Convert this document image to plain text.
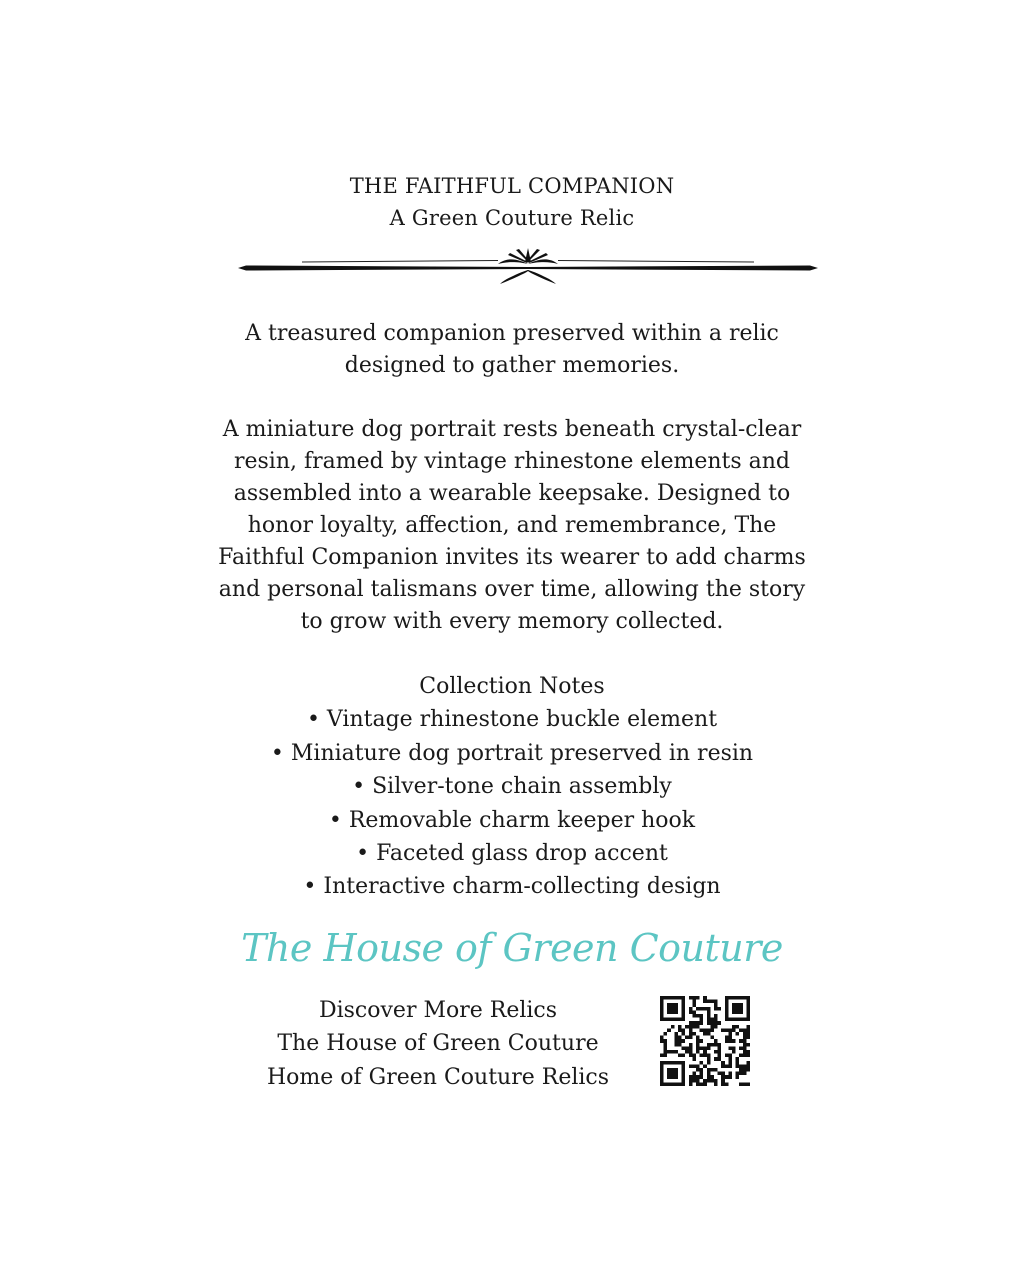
THE FAITHFUL COMPANION
A Green Couture Relic
A treasured companion preserved within a relic
designed to gather memories.
A miniature dog portrait rests beneath crystal-clear
resin, framed by vintage rhinestone elements and
assembled into a wearable keepsake. Designed to
honor loyalty, affection, and remembrance, The
Faithful Companion invites its wearer to add charms
and personal talismans over time, allowing the story
to grow with every memory collected.
Collection Notes
• Vintage rhinestone buckle element
• Miniature dog portrait preserved in resin
• Silver-tone chain assembly
• Removable charm keeper hook
• Faceted glass drop accent
• Interactive charm-collecting design
The House of Green Couture
Discover More Relics
The House of Green Couture
Home of Green Couture Relics
